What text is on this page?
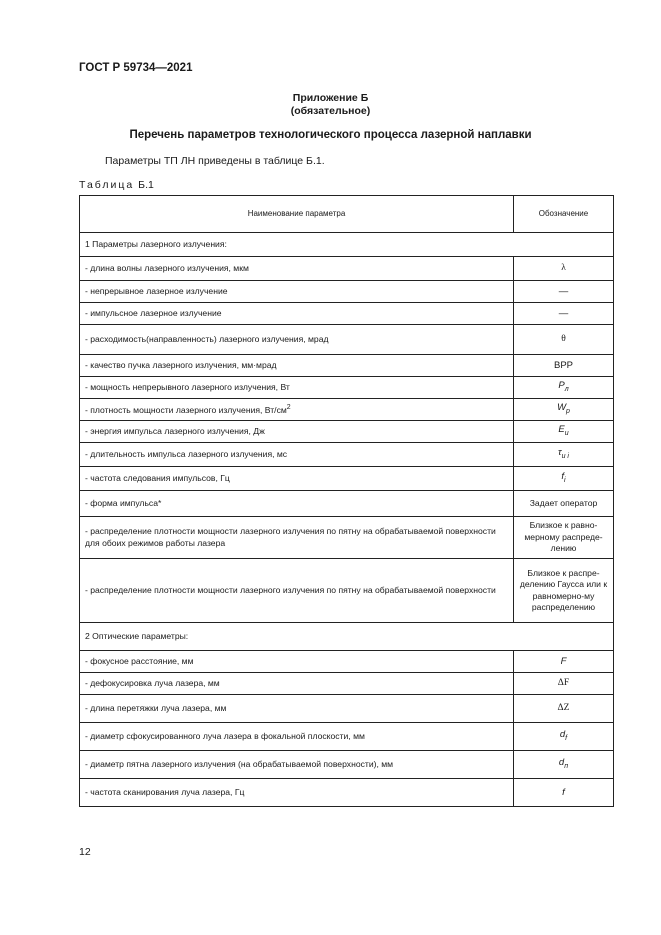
ГОСТ Р 59734—2021
Приложение Б
(обязательное)
Перечень параметров технологического процесса лазерной наплавки
Параметры ТП ЛН приведены в таблице Б.1.
Таблица Б.1
Наименование параметра	Обозначение
1 Параметры лазерного излучения:	
- длина волны лазерного излучения, мкм	λ
- непрерывное лазерное излучение	—
- импульсное лазерное излучение	—
- расходимость(направленность) лазерного излучения, мрад	θ
- качество пучка лазерного излучения, мм·мрад	BPP
- мощность непрерывного лазерного излучения, Вт	$P_л$
- плотность мощности лазерного излучения, $Вт/см^2$	$W_p$
- энергия импульса лазерного излучения, Дж	$E_и$
- длительность импульса лазерного излучения, мс	$\tau_{и i}$
- частота следования импульсов, Гц	$f_i$
- форма импульса*	Задает оператор
- распределение плотности мощности лазерного излучения по пятну на обрабатываемой поверхности для обоих режимов работы лазера	Близкое к равно-мерному распреде-лению
- распределение плотности мощности лазерного излучения по пятну на обрабатываемой поверхности	Близкое к распре-делению Гаусса или к равномерно-му распределению
2 Оптические параметры:	
- фокусное расстояние, мм	F
- дефокусировка луча лазера, мм	ΔF
- длина перетяжки луча лазера, мм	ΔZ
- диаметр сфокусированного луча лазера в фокальной плоскости, мм	$d_f$
- диаметр пятна лазерного излучения (на обрабатываемой поверхности), мм	$d_п$
- частота сканирования луча лазера, Гц	f
12
